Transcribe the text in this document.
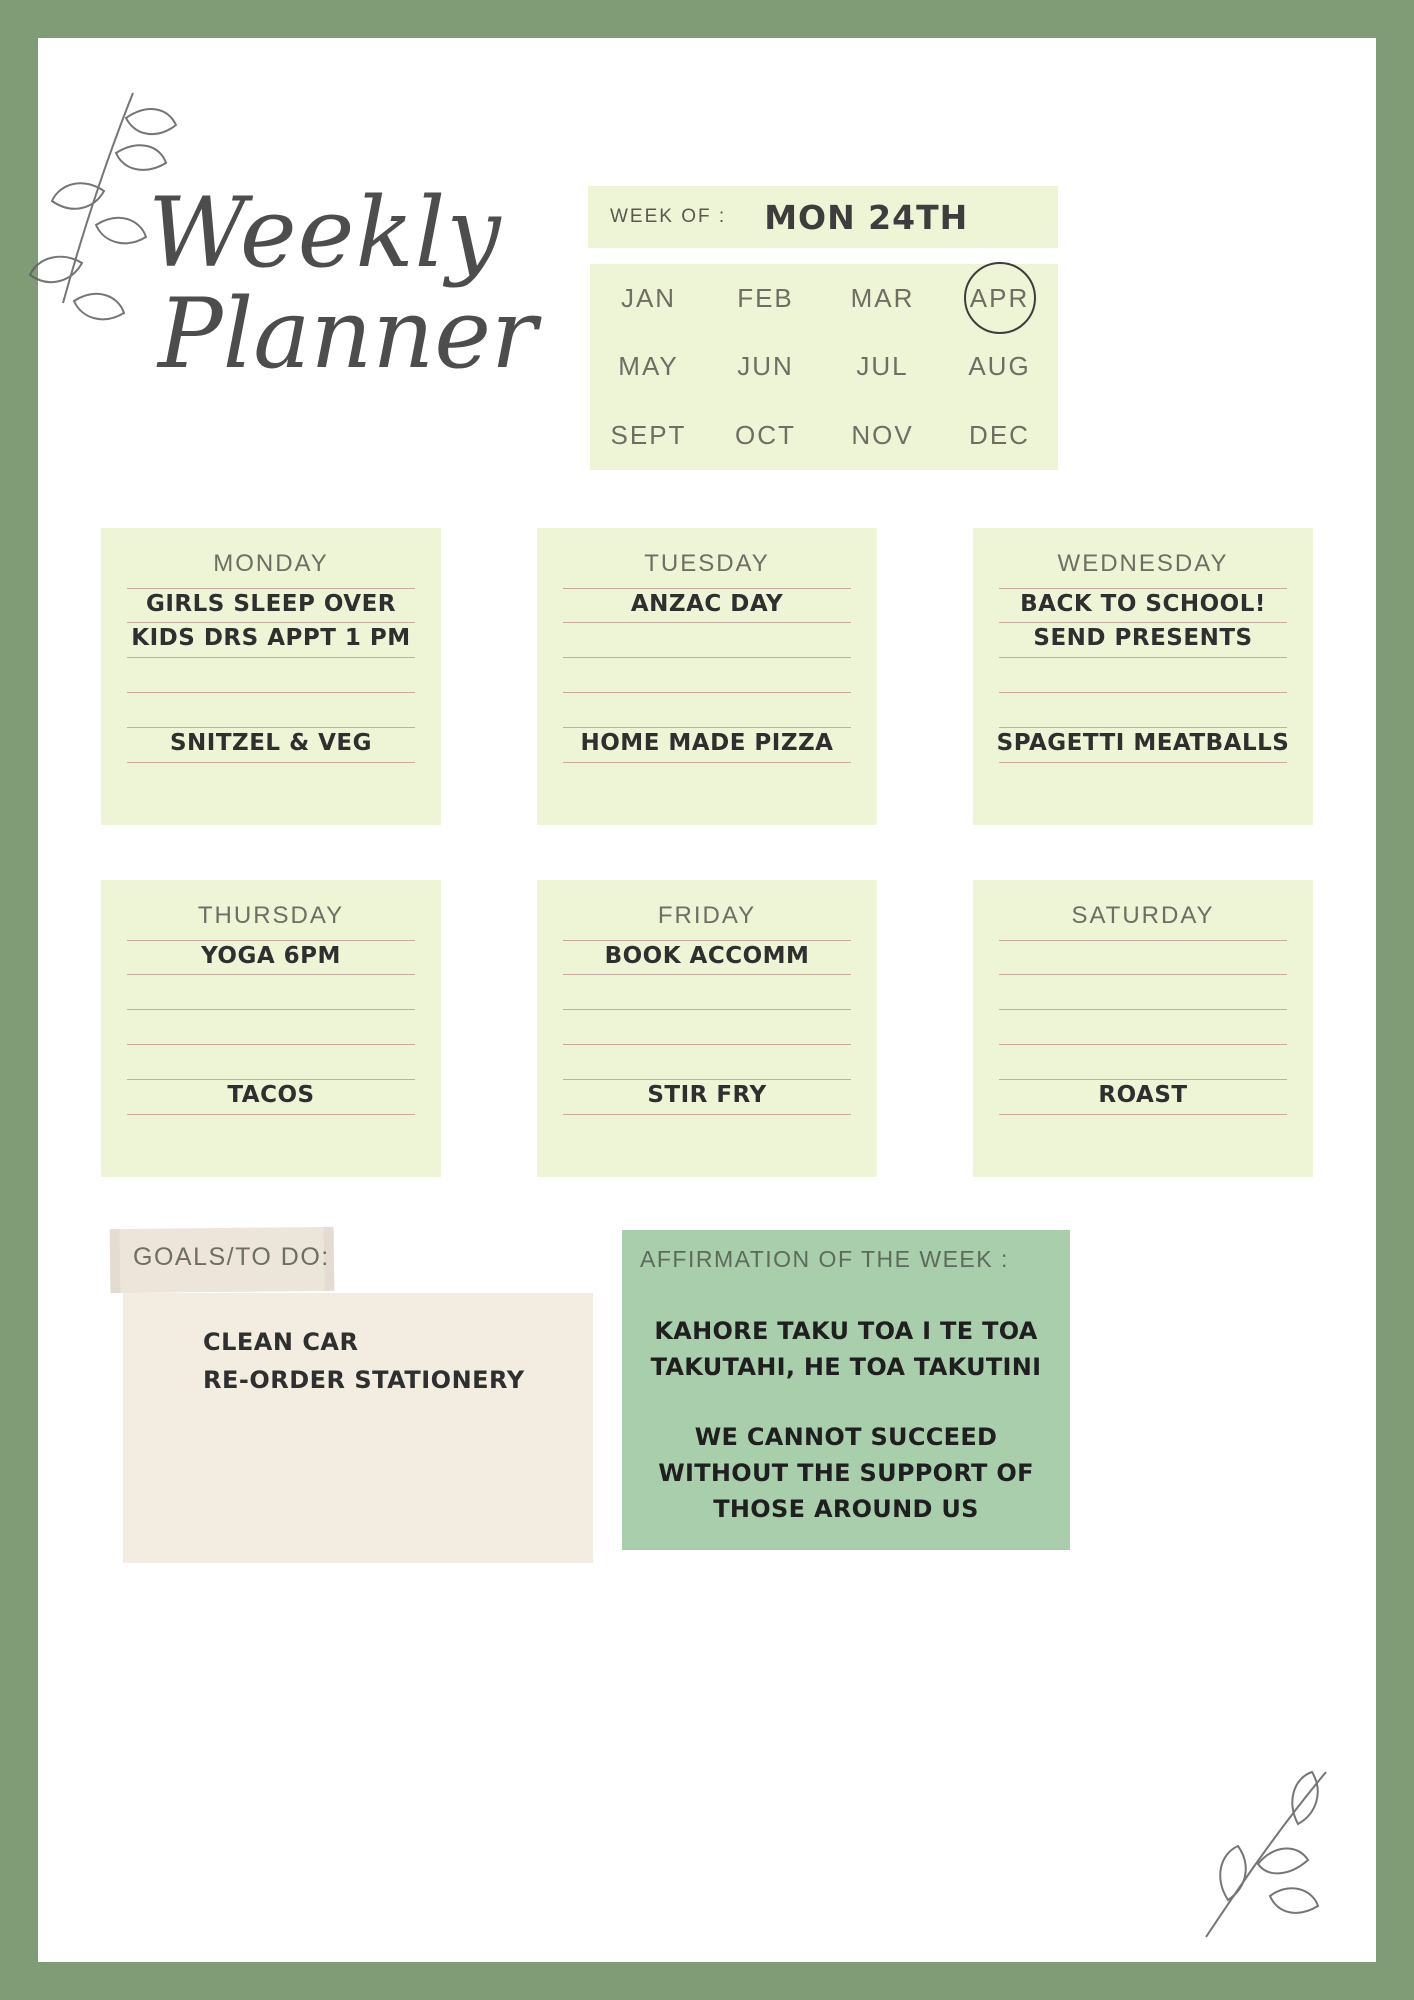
Weekly
Planner
WEEK OF : MON 24TH
JAN	FEB	MAR	APR
MAY	JUN	JUL	AUG
SEPT	OCT	NOV	DEC
MONDAY
GIRLS SLEEP OVER
KIDS DRS APPT 1 PM
SNITZEL & VEG
TUESDAY
ANZAC DAY
HOME MADE PIZZA
WEDNESDAY
BACK TO SCHOOL!
SEND PRESENTS
SPAGETTI MEATBALLS
THURSDAY
YOGA 6PM
TACOS
FRIDAY
BOOK ACCOMM
STIR FRY
SATURDAY
ROAST
GOALS/TO DO:
CLEAN CAR
RE-ORDER STATIONERY
AFFIRMATION OF THE WEEK :

KAHORE TAKU TOA I TE TOA TAKUTAHI, HE TOA TAKUTINI

WE CANNOT SUCCEED WITHOUT THE SUPPORT OF THOSE AROUND US
